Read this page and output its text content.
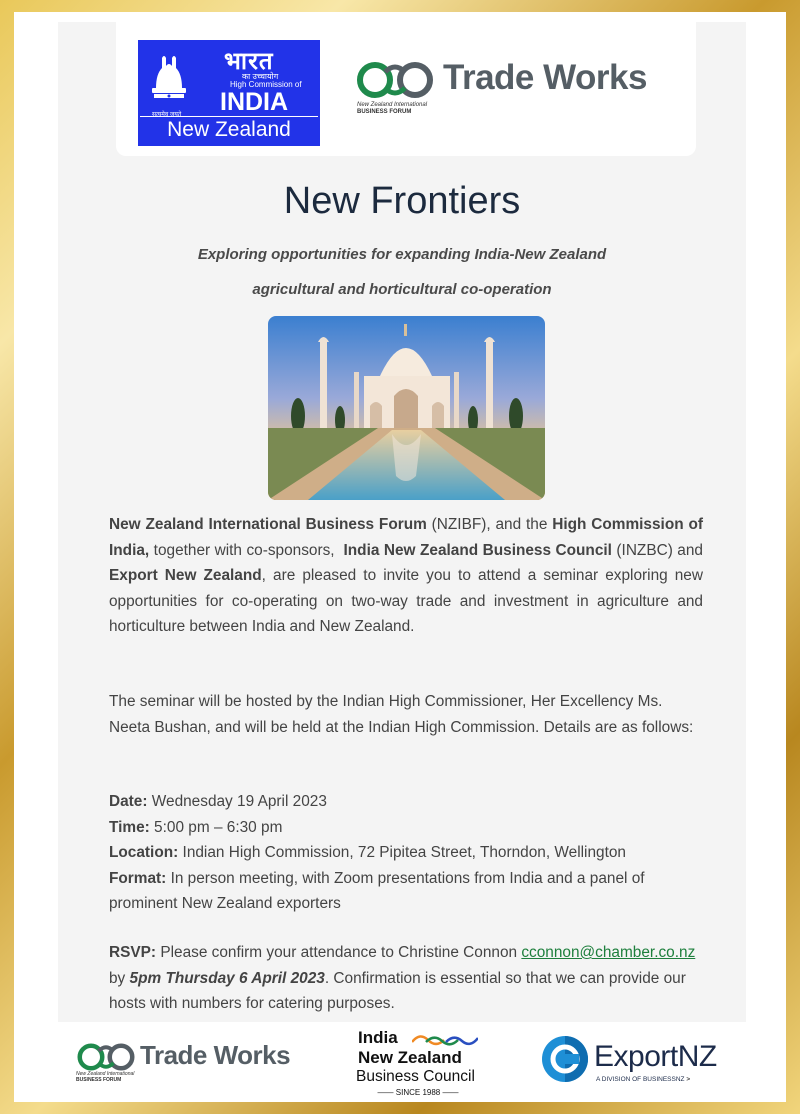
भारत
का उच्चायोग
High Commission of
INDIA
सत्यमेव जयते
New Zealand
Trade Works
New Zealand International
BUSINESS FORUM
New Frontiers
Exploring opportunities for expanding India-New Zealand
agricultural and horticultural co-operation
New Zealand International Business Forum (NZIBF), and the High Commission of India, together with co-sponsors,  India New Zealand Business Council (INZBC) and Export New Zealand, are pleased to invite you to attend a seminar exploring new opportunities for co-operating on two-way trade and investment in agriculture and horticulture between India and New Zealand.
The seminar will be hosted by the Indian High Commissioner, Her Excellency Ms. Neeta Bushan, and will be held at the Indian High Commission. Details are as follows:
Date: Wednesday 19 April 2023
Time: 5:00 pm – 6:30 pm
Location: Indian High Commission, 72 Pipitea Street, Thorndon, Wellington
Format: In person meeting, with Zoom presentations from India and a panel of prominent New Zealand exporters
RSVP: Please confirm your attendance to Christine Connon cconnon@chamber.co.nz by 5pm Thursday 6 April 2023. Confirmation is essential so that we can provide our hosts with numbers for catering purposes.
Trade Works
New Zealand International
BUSINESS FORUM
India
New Zealand
Business Council
—— SINCE 1988 ——
ExportNZ
A DIVISION OF BUSINESSNZ >
